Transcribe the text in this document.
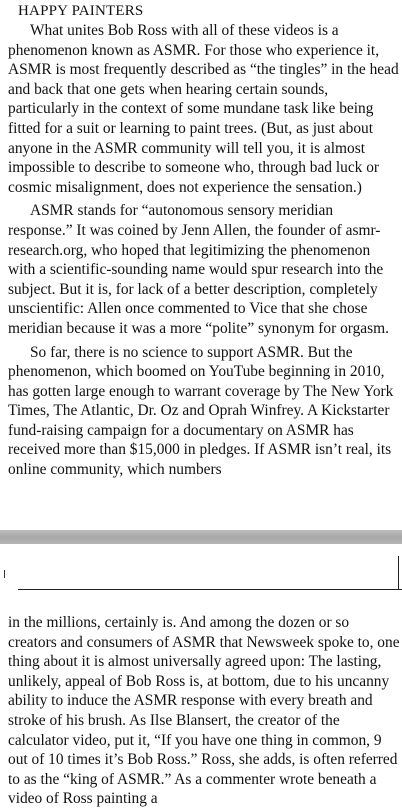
HAPPY PAINTERS

What unites Bob Ross with all of these videos is a phenomenon known as ASMR. For those who experience it, ASMR is most frequently described as “the tingles” in the head and back that one gets when hearing certain sounds, particularly in the context of some mundane task like being fitted for a suit or learning to paint trees. (But, as just about anyone in the ASMR community will tell you, it is almost impossible to describe to someone who, through bad luck or cosmic misalignment, does not experience the sensation.)

ASMR stands for “autonomous sensory meridian response.” It was coined by Jenn Allen, the founder of asmr-research.org, who hoped that legitimizing the phenomenon with a scientific-sounding name would spur research into the subject. But it is, for lack of a better description, completely unscientific: Allen once commented to Vice that she chose meridian because it was a more “polite” synonym for orgasm.

So far, there is no science to support ASMR. But the phenomenon, which boomed on YouTube beginning in 2010, has gotten large enough to warrant coverage by The New York Times, The Atlantic, Dr. Oz and Oprah Winfrey. A Kickstarter fund-raising campaign for a documentary on ASMR has received more than $15,000 in pledges. If ASMR isn’t real, its online community, which numbers

in the millions, certainly is. And among the dozen or so creators and consumers of ASMR that Newsweek spoke to, one thing about it is almost universally agreed upon: The lasting, unlikely, appeal of Bob Ross is, at bottom, due to his uncanny ability to induce the ASMR response with every breath and stroke of his brush. As Ilse Blansert, the creator of the calculator video, put it, “If you have one thing in common, 9 out of 10 times it’s Bob Ross.” Ross, she adds, is often referred to as the “king of ASMR.” As a commenter wrote beneath a video of Ross painting a
